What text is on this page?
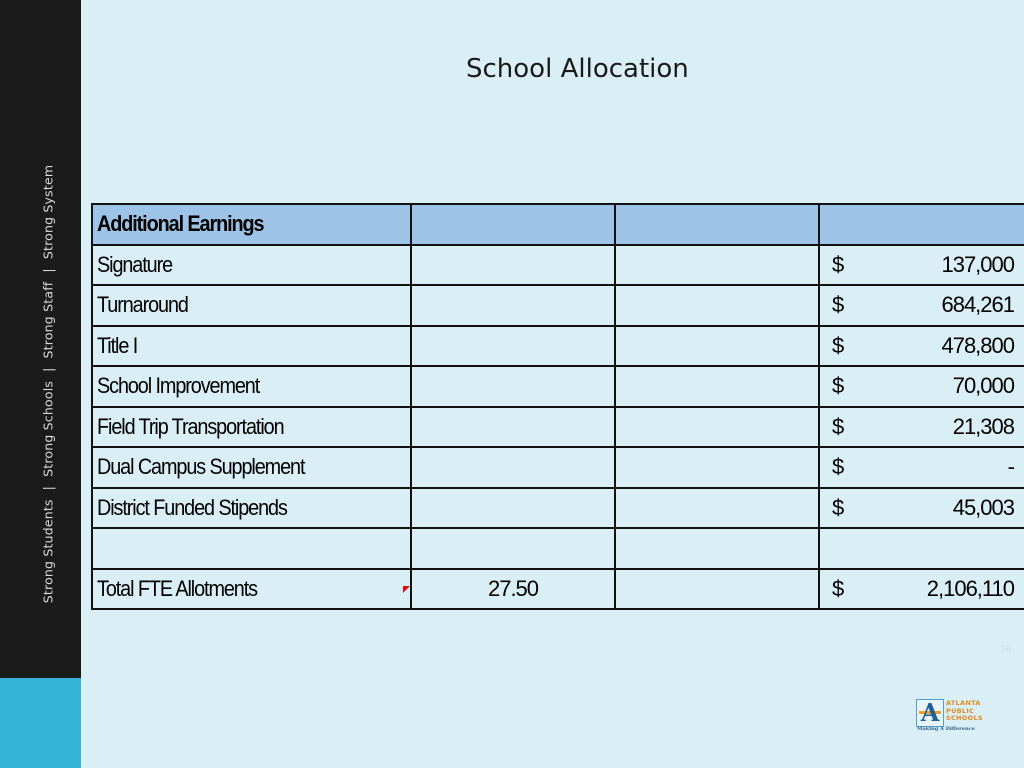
Strong Students|Strong Schools|Strong Staff|Strong System
School Allocation
Additional Earnings			

Signature			$ 137,000

Turnaround			$ 684,261

Title I			$ 478,800

School Improvement			$ 70,000

Field Trip Transportation			$ 21,308

Dual Campus Supplement			$ -

District Funded Stipends			$ 45,003

Total FTE Allotments	27.50		$ 2,106,110
16
A	ATLANTA
PUBLIC
SCHOOLS
Making A Difference
